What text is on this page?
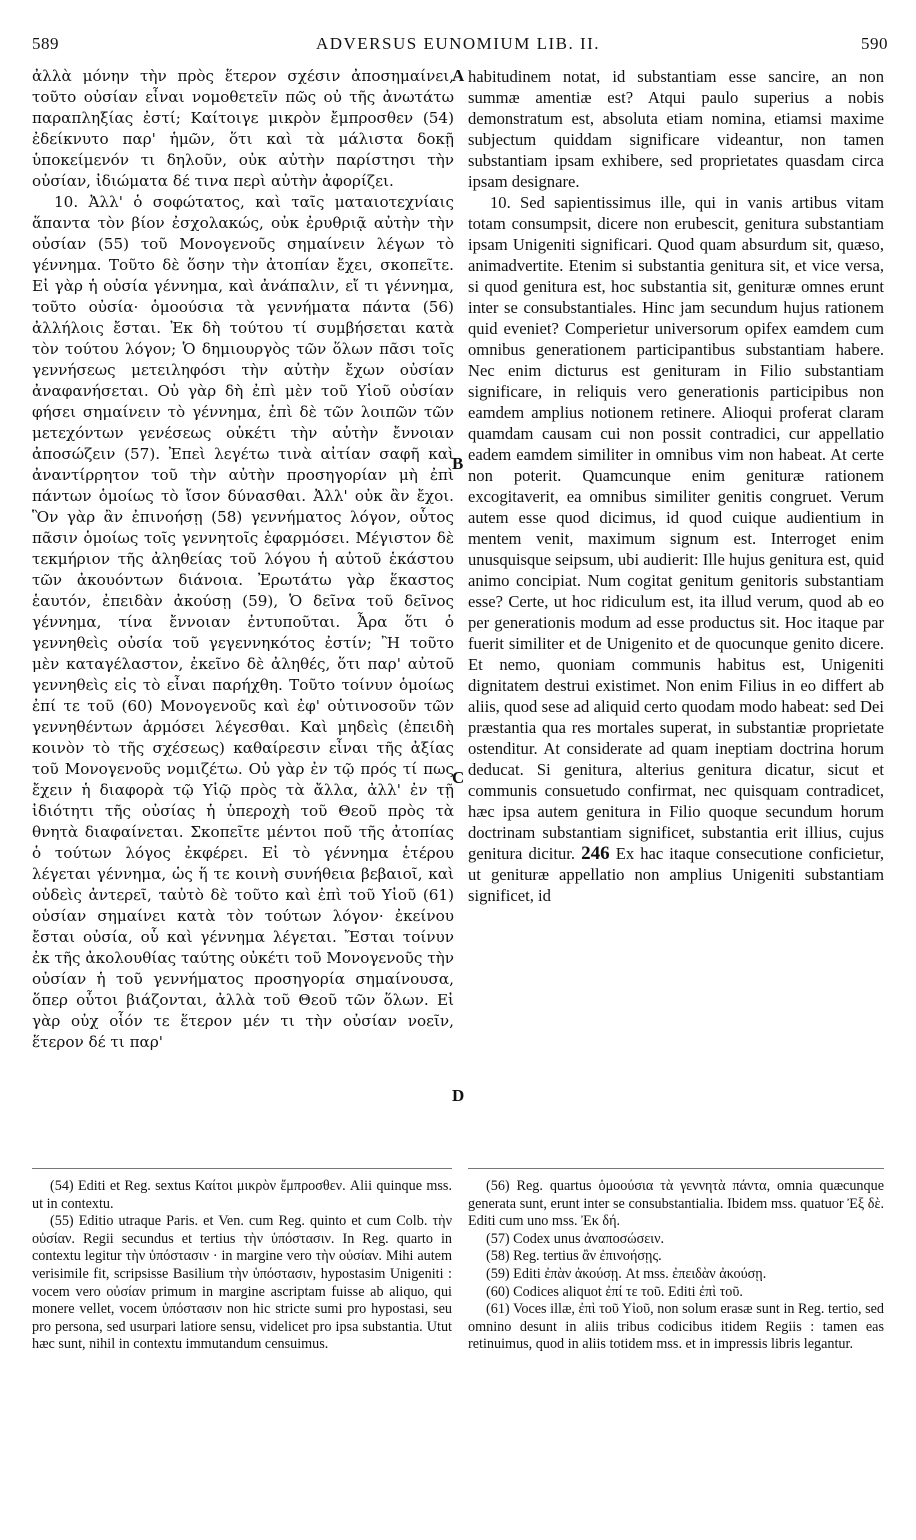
589	ADVERSUS EUNOMIUM LIB. II.	590

ἀλλὰ μόνην τὴν πρὸς ἕτερον σχέσιν ἀποσημαίνει, τοῦτο οὐσίαν εἶναι νομοθετεῖν πῶς οὐ τῆς ἀνωτάτω παραπληξίας ἐστί; Καίτοιγε μικρὸν ἔμπροσθεν (54) ἐδείκνυτο παρ' ἡμῶν, ὅτι καὶ τὰ μάλιστα δοκῇ ὑποκείμενόν τι δηλοῦν, οὐκ αὐτὴν παρίστησι τὴν οὐσίαν, ἰδιώματα δέ τινα περὶ αὐτὴν ἀφορίζει.

10. Ἀλλ' ὁ σοφώτατος, καὶ ταῖς ματαιοτεχνίαις ἅπαντα τὸν βίον ἐσχολακώς, οὐκ ἐρυθριᾷ αὐτὴν τὴν οὐσίαν (55) τοῦ Μονογενοῦς σημαίνειν λέγων τὸ γέννημα. Τοῦτο δὲ ὅσην τὴν ἀτοπίαν ἔχει, σκοπεῖτε. Εἰ γὰρ ἡ οὐσία γέννημα, καὶ ἀνάπαλιν, εἴ τι γέννημα, τοῦτο οὐσία· ὁμοούσια τὰ γεννήματα πάντα (56) ἀλλήλοις ἔσται. Ἐκ δὴ τούτου τί συμβήσεται κατὰ τὸν τούτου λόγον; Ὁ δημιουργὸς τῶν ὅλων πᾶσι τοῖς γεννήσεως μετειληφόσι τὴν αὐτὴν ἔχων οὐσίαν ἀναφανήσεται. Οὐ γὰρ δὴ ἐπὶ μὲν τοῦ Υἱοῦ οὐσίαν φήσει σημαίνειν τὸ γέννημα, ἐπὶ δὲ τῶν λοιπῶν τῶν μετεχόντων γενέσεως οὐκέτι τὴν αὐτὴν ἔννοιαν ἀποσώζειν (57). Ἐπεὶ λεγέτω τινὰ αἰτίαν σαφῆ καὶ ἀναντίρρητον τοῦ τὴν αὐτὴν προσηγορίαν μὴ ἐπὶ πάντων ὁμοίως τὸ ἴσον δύνασθαι. Ἀλλ' οὐκ ἂν ἔχοι. Ὃν γὰρ ἂν ἐπινοήσῃ (58) γεννήματος λόγον, οὗτος πᾶσιν ὁμοίως τοῖς γεννητοῖς ἐφαρμόσει. Μέγιστον δὲ τεκμήριον τῆς ἀληθείας τοῦ λόγου ἡ αὐτοῦ ἑκάστου τῶν ἀκουόντων διάνοια. Ἐρωτάτω γὰρ ἕκαστος ἑαυτόν, ἐπειδὰν ἀκούσῃ (59), Ὁ δεῖνα τοῦ δεῖνος γέννημα, τίνα ἔννοιαν ἐντυποῦται. Ἆρα ὅτι ὁ γεννηθεὶς οὐσία τοῦ γεγεννηκότος ἐστίν; Ἢ τοῦτο μὲν καταγέλαστον, ἐκεῖνο δὲ ἀληθές, ὅτι παρ' αὐτοῦ γεννηθεὶς εἰς τὸ εἶναι παρήχθη. Τοῦτο τοίνυν ὁμοίως ἐπί τε τοῦ (60) Μονογενοῦς καὶ ἐφ' οὑτινοσοῦν τῶν γεννηθέντων ἁρμόσει λέγεσθαι. Καὶ μηδεὶς (ἐπειδὴ κοινὸν τὸ τῆς σχέσεως) καθαίρεσιν εἶναι τῆς ἀξίας τοῦ Μονογενοῦς νομιζέτω. Οὐ γὰρ ἐν τῷ πρός τί πως ἔχειν ἡ διαφορὰ τῷ Υἱῷ πρὸς τὰ ἄλλα, ἀλλ' ἐν τῇ ἰδιότητι τῆς οὐσίας ἡ ὑπεροχὴ τοῦ Θεοῦ πρὸς τὰ θνητὰ διαφαίνεται. Σκοπεῖτε μέντοι ποῦ τῆς ἀτοπίας ὁ τούτων λόγος ἐκφέρει. Εἰ τὸ γέννημα ἑτέρου λέγεται γέννημα, ὡς ἥ τε κοινὴ συνήθεια βεβαιοῖ, καὶ οὐδεὶς ἀντερεῖ, ταὐτὸ δὲ τοῦτο καὶ ἐπὶ τοῦ Υἱοῦ (61) οὐσίαν σημαίνει κατὰ τὸν τούτων λόγον· ἐκείνου ἔσται οὐσία, οὗ καὶ γέννημα λέγεται. Ἔσται τοίνυν ἐκ τῆς ἀκολουθίας ταύτης οὐκέτι τοῦ Μονογενοῦς τὴν οὐσίαν ἡ τοῦ γεννήματος προσηγορία σημαίνουσα, ὅπερ οὗτοι βιάζονται, ἀλλὰ τοῦ Θεοῦ τῶν ὅλων. Εἰ γὰρ οὐχ οἷόν τε ἕτερον μέν τι τὴν οὐσίαν νοεῖν, ἕτερον δέ τι παρ'

A
B
C
D

habitudinem notat, id substantiam esse sancire, an non summæ amentiæ est? Atqui paulo superius a nobis demonstratum est, absoluta etiam nomina, etiamsi maxime subjectum quiddam significare videantur, non tamen substantiam ipsam exhibere, sed proprietates quasdam circa ipsam designare.

10. Sed sapientissimus ille, qui in vanis artibus vitam totam consumpsit, dicere non erubescit, genitura substantiam ipsam Unigeniti significari. Quod quam absurdum sit, quæso, animadvertite. Etenim si substantia genitura sit, et vice versa, si quod genitura est, hoc substantia sit, genituræ omnes erunt inter se consubstantiales. Hinc jam secundum hujus rationem quid eveniet? Comperietur universorum opifex eamdem cum omnibus generationem participantibus substantiam habere. Nec enim dicturus est genituram in Filio substantiam significare, in reliquis vero generationis participibus non eamdem amplius notionem retinere. Alioqui proferat claram quamdam causam cui non possit contradici, cur appellatio eadem eamdem similiter in omnibus vim non habeat. At certe non poterit. Quamcunque enim genituræ rationem excogitaverit, ea omnibus similiter genitis congruet. Verum autem esse quod dicimus, id quod cuique audientium in mentem venit, maximum signum est. Interroget enim unusquisque seipsum, ubi audierit: Ille hujus genitura est, quid animo concipiat. Num cogitat genitum genitoris substantiam esse? Certe, ut hoc ridiculum est, ita illud verum, quod ab eo per generationis modum ad esse productus sit. Hoc itaque par fuerit similiter et de Unigenito et de quocunque genito dicere. Et nemo, quoniam communis habitus est, Unigeniti dignitatem destrui existimet. Non enim Filius in eo differt ab aliis, quod sese ad aliquid certo quodam modo habeat: sed Dei præstantia qua res mortales superat, in substantiæ proprietate ostenditur. At considerate ad quam ineptiam doctrina horum deducat. Si genitura, alterius genitura dicatur, sicut et communis consuetudo confirmat, nec quisquam contradicet, hæc ipsa autem genitura in Filio quoque secundum horum doctrinam substantiam significet, substantia erit illius, cujus genitura dicitur. 246 Ex hac itaque consecutione conficietur, ut genituræ appellatio non amplius Unigeniti substantiam significet, id

(54) Editi et Reg. sextus Καίτοι μικρὸν ἔμπροσθεν. Alii quinque mss. ut in contextu.

(55) Editio utraque Paris. et Ven. cum Reg. quinto et cum Colb. τὴν οὐσίαν. Regii secundus et tertius τὴν ὑπόστασιν. In Reg. quarto in contextu legitur τὴν ὑπόστασιν · in margine vero τὴν οὐσίαν. Mihi autem verisimile fit, scripsisse Basilium τὴν ὑπόστασιν, hypostasim Unigeniti : vocem vero οὐσίαν primum in margine ascriptam fuisse ab aliquo, qui monere vellet, vocem ὑπόστασιν non hic stricte sumi pro hypostasi, seu pro persona, sed usurpari latiore sensu, videlicet pro ipsa substantia. Utut hæc sunt, nihil in contextu immutandum censuimus.

(56) Reg. quartus ὁμοούσια τὰ γεννητὰ πάντα, omnia quæcunque generata sunt, erunt inter se consubstantialia. Ibidem mss. quatuor Ἐξ δὲ. Editi cum uno mss. Ἐκ δή.

(57) Codex unus ἀναποσώσειν.

(58) Reg. tertius ἂν ἐπινοήσῃς.

(59) Editi ἐπὰν ἀκούσῃ. At mss. ἐπειδὰν ἀκούσῃ.

(60) Codices aliquot ἐπί τε τοῦ. Editi ἐπὶ τοῦ.

(61) Voces illæ, ἐπὶ τοῦ Υἱοῦ, non solum erasæ sunt in Reg. tertio, sed omnino desunt in aliis tribus codicibus itidem Regiis : tamen eas retinuimus, quod in aliis totidem mss. et in impressis libris legantur.
